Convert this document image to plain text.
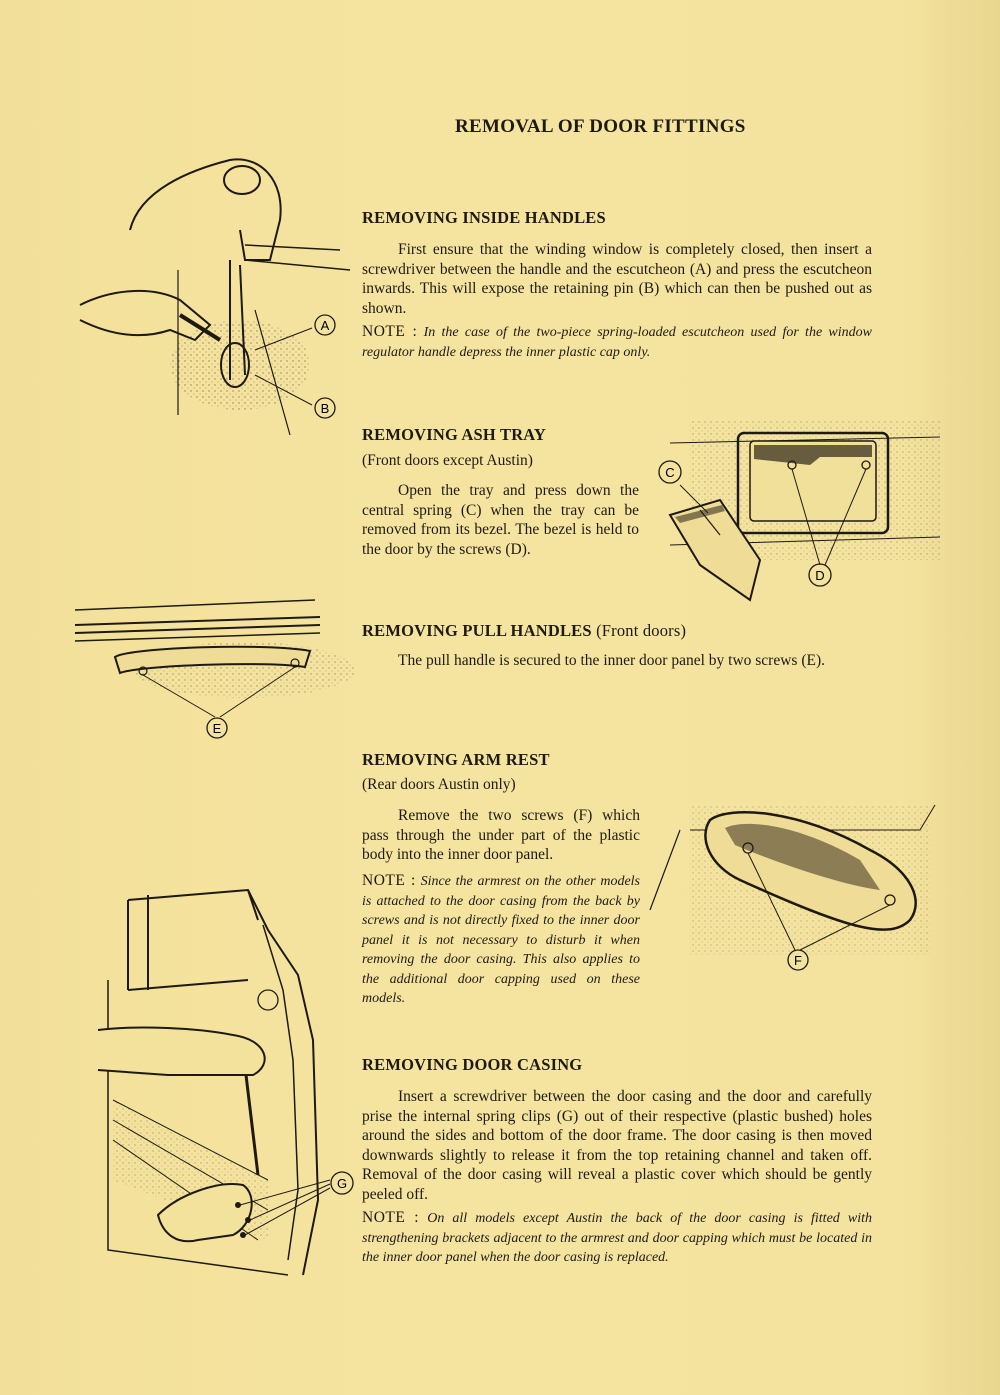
REMOVAL OF DOOR FITTINGS
REMOVING INSIDE HANDLES
First ensure that the winding window is completely closed, then insert a screwdriver between the handle and the escutcheon (A) and press the escutcheon inwards. This will expose the retaining pin (B) which can then be pushed out as shown.
NOTE : In the case of the two-piece spring-loaded escutcheon used for the window regulator handle depress the inner plastic cap only.
A
B
REMOVING ASH TRAY
(Front doors except Austin)
Open the tray and press down the central spring (C) when the tray can be removed from its bezel. The bezel is held to the door by the screws (D).
C
D
REMOVING PULL HANDLES (Front doors)
The pull handle is secured to the inner door panel by two screws (E).
E
REMOVING ARM REST
(Rear doors Austin only)
Remove the two screws (F) which pass through the under part of the plastic body into the inner door panel.
NOTE : Since the armrest on the other models is attached to the door casing from the back by screws and is not directly fixed to the inner door panel it is not necessary to disturb it when removing the door casing. This also applies to the additional door capping used on these models.
F
REMOVING DOOR CASING
Insert a screwdriver between the door casing and the door and carefully prise the internal spring clips (G) out of their respective (plastic bushed) holes around the sides and bottom of the door frame. The door casing is then moved downwards slightly to release it from the top retaining channel and taken off. Removal of the door casing will reveal a plastic cover which should be gently peeled off.
NOTE : On all models except Austin the back of the door casing is fitted with strengthening brackets adjacent to the armrest and door capping which must be located in the inner door panel when the door casing is replaced.
G
